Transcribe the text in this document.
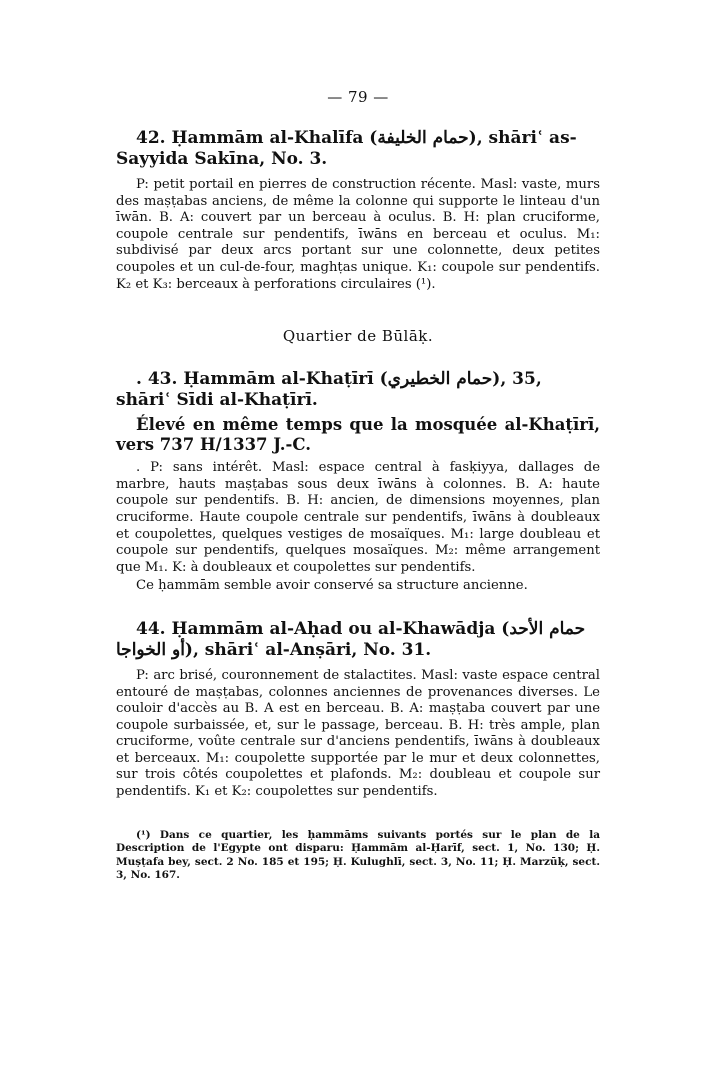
— 79 —

42. Ḥammām al-Khalīfa (حمام الخليفة), shāriʿ as-Sayyida Sakīna, No. 3.

P: petit portail en pierres de construction récente. Masl: vaste, murs des maṣṭabas anciens, de même la colonne qui supporte le linteau d'un īwān. B. A: couvert par un berceau à oculus. B. H: plan cruciforme, coupole centrale sur pendentifs, īwāns en berceau et oculus. M₁: subdivisé par deux arcs portant sur une colonnette, deux petites coupoles et un cul-de-four, maghṭas unique. K₁: coupole sur pendentifs. K₂ et K₃: berceaux à perforations circulaires (¹).

Quartier de Būlāḳ.

. 43. Ḥammām al-Khaṭīrī (حمام الخطيري), 35, shāriʿ Sīdi al-Khaṭīrī.

Élevé en même temps que la mosquée al-Khaṭīrī, vers 737 H/1337 J.-C.

. P: sans intérêt. Masl: espace central à fasḳiyya, dallages de marbre, hauts maṣṭabas sous deux īwāns à colonnes. B. A: haute coupole sur pendentifs. B. H: ancien, de dimensions moyennes, plan cruciforme. Haute coupole centrale sur pendentifs, īwāns à doubleaux et coupolettes, quelques vestiges de mosaïques. M₁: large doubleau et coupole sur pendentifs, quelques mosaïques. M₂: même arrangement que M₁. K: à doubleaux et coupolettes sur pendentifs.

Ce ḥammām semble avoir conservé sa structure ancienne.

44. Ḥammām al-Aḥad ou al-Khawādja (حمام الأحد أو الخواجا), shāriʿ al-Anṣāri, No. 31.

P: arc brisé, couronnement de stalactites. Masl: vaste espace central entouré de maṣṭabas, colonnes anciennes de provenances diverses. Le couloir d'accès au B. A est en berceau. B. A: maṣṭaba couvert par une coupole surbaissée, et, sur le passage, berceau. B. H: très ample, plan cruciforme, voûte centrale sur d'anciens pendentifs, īwāns à doubleaux et berceaux. M₁: coupolette supportée par le mur et deux colonnettes, sur trois côtés coupolettes et plafonds. M₂: doubleau et coupole sur pendentifs. K₁ et K₂: coupolettes sur pendentifs.

(¹) Dans ce quartier, les ḥammāms suivants portés sur le plan de la Description de l'Egypte ont disparu: Ḥammām al-Ḥarīf, sect. 1, No. 130; Ḥ. Muṣṭafa bey, sect. 2 No. 185 et 195; Ḥ. Kulughlī, sect. 3, No. 11; Ḥ. Marzūḳ, sect. 3, No. 167.
